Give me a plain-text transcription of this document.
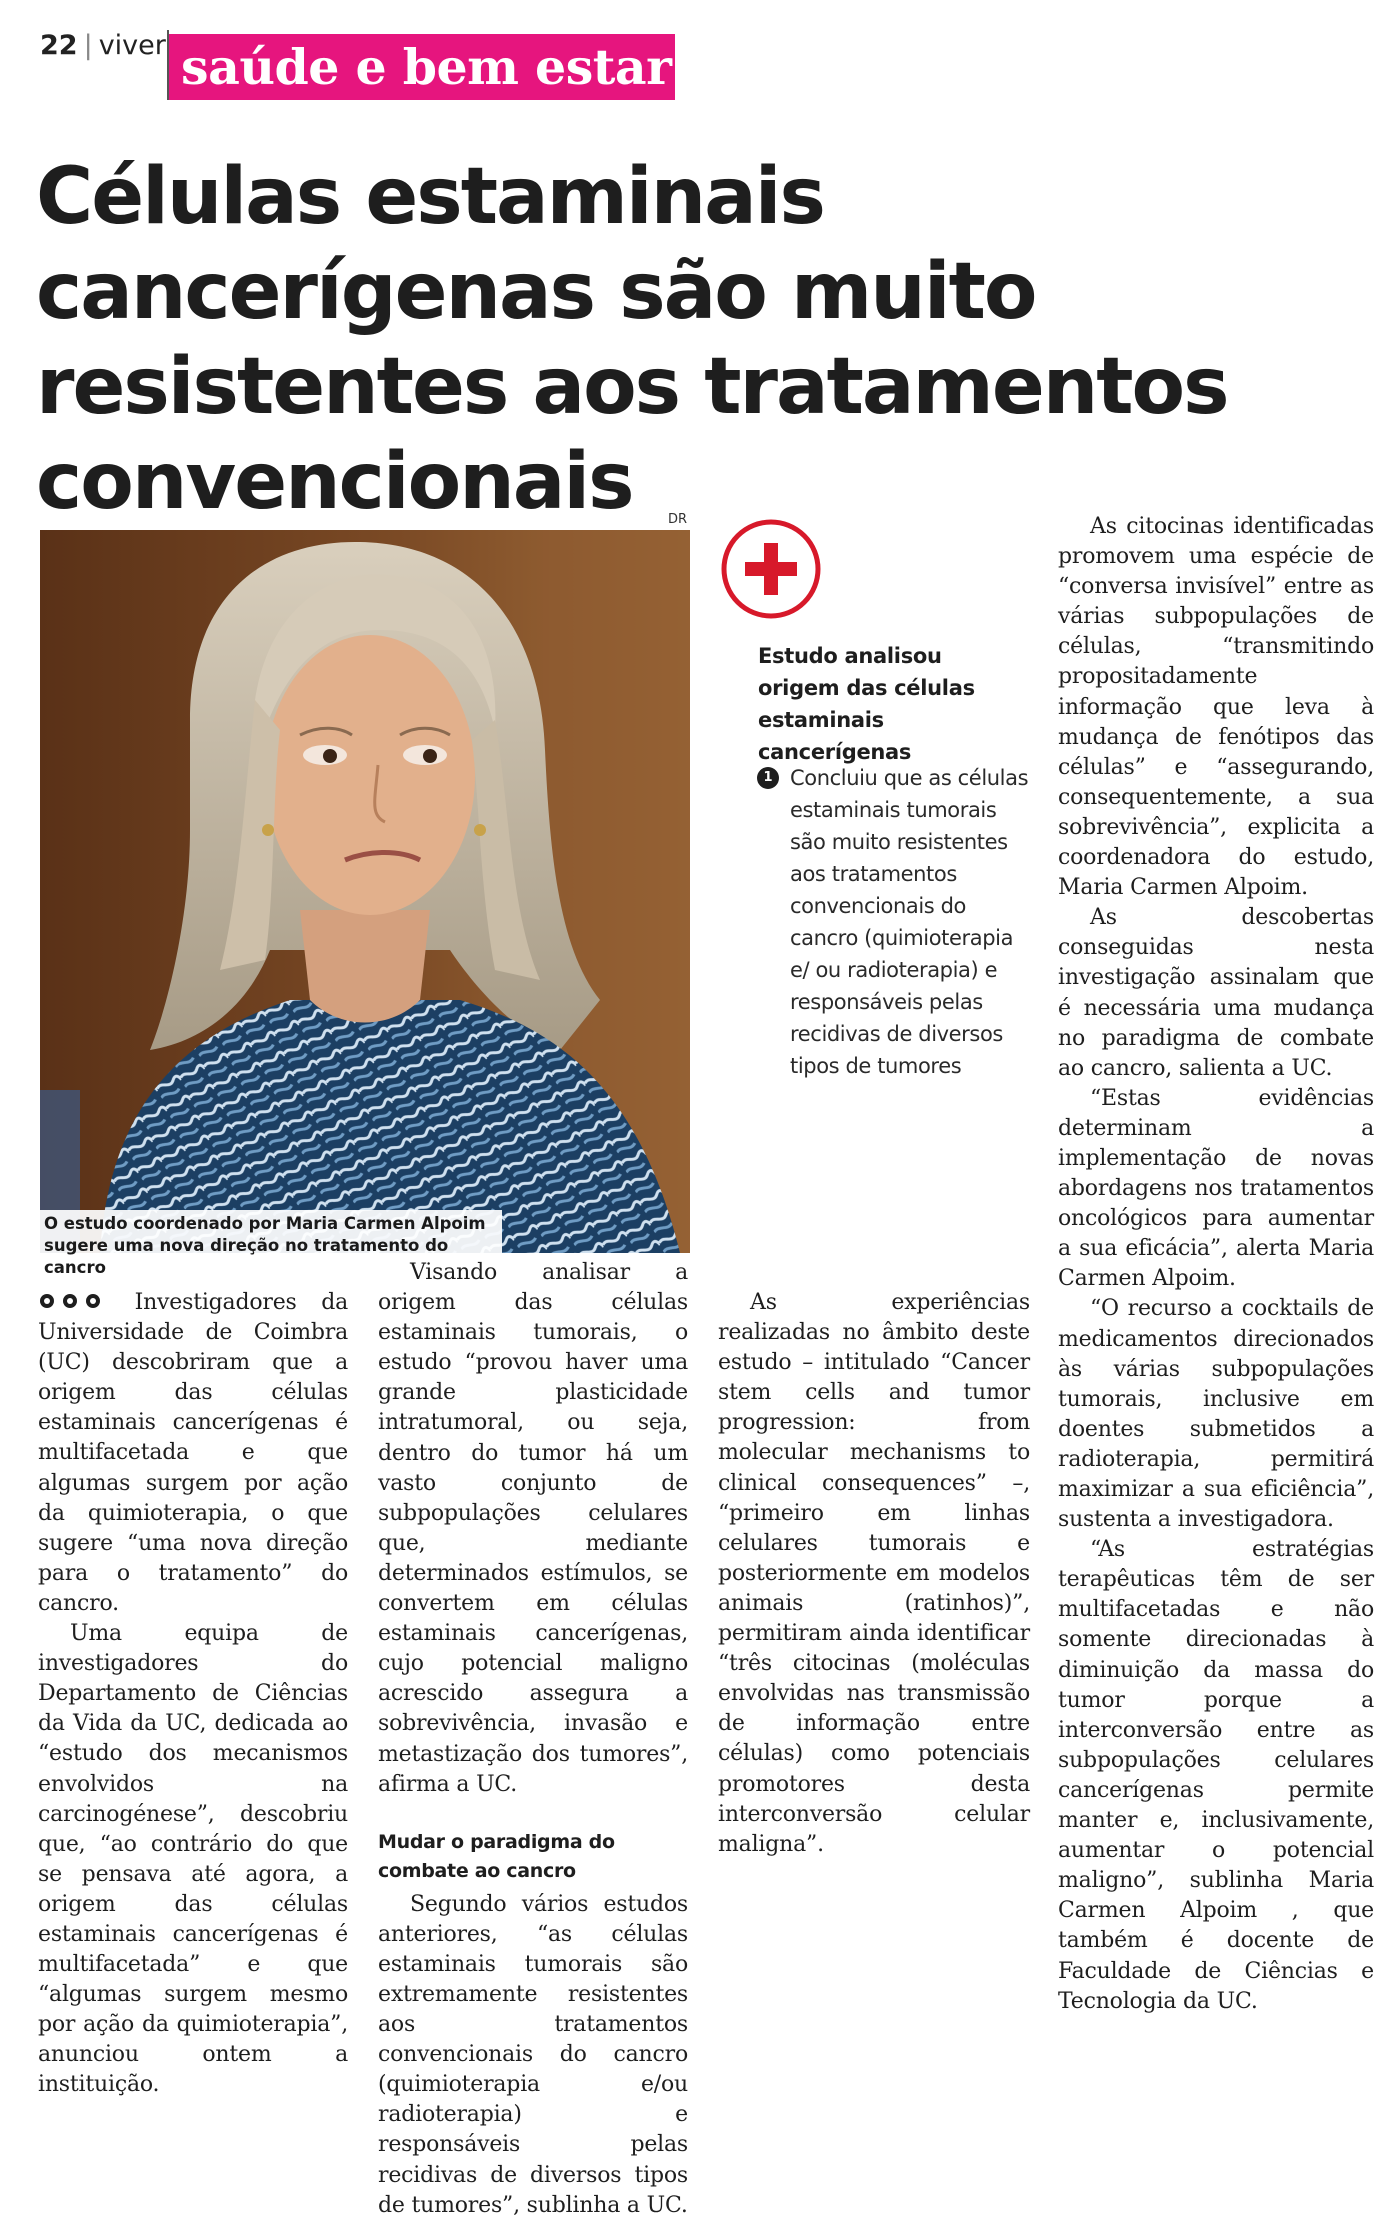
22 | viver saúde e bem estar
Células estaminais cancerígenas são muito resistentes aos tratamentos convencionais	DR
O estudo coordenado por Maria Carmen Alpoim sugere uma nova direção no tratamento do cancro
Estudo analisou origem das células estaminais cancerígenas
1 Concluiu que as células estaminais tumorais são muito resistentes aos tratamentos convencionais do cancro (quimioterapia e/ ou radioterapia) e responsáveis pelas recidivas de diversos tipos de tumores

Investigadores da Universidade de Coimbra (UC) descobriram que a origem das células estaminais cancerígenas é multifacetada e que algumas surgem por ação da quimioterapia, o que sugere “uma nova direção para o tratamento” do cancro.

Uma equipa de investigadores do Departamento de Ciências da Vida da UC, dedicada ao “estudo dos mecanismos envolvidos na carcinogénese”, descobriu que, “ao contrário do que se pensava até agora, a origem das células estaminais cancerígenas é multifacetada” e que “algumas surgem mesmo por ação da quimioterapia”, anunciou ontem a instituição.

Visando analisar a origem das células estaminais tumorais, o estudo “provou haver uma grande plasticidade intratumoral, ou seja, dentro do tumor há um vasto conjunto de subpopulações celulares que, mediante determinados estímulos, se convertem em células estaminais cancerígenas, cujo potencial maligno acrescido assegura a sobrevivência, invasão e metastização dos tumores”, afirma a UC.

Mudar o paradigma do combate ao cancro

Segundo vários estudos anteriores, “as células estaminais tumorais são extremamente resistentes aos tratamentos convencionais do cancro (quimioterapia e/ou radioterapia) e responsáveis pelas recidivas de diversos tipos de tumores”, sublinha a UC.

As experiências realizadas no âmbito deste estudo – intitulado “Cancer stem cells and tumor progression: from molecular mechanisms to clinical consequences” –, “primeiro em linhas celulares tumorais e posteriormente em modelos animais (ratinhos)”, permitiram ainda identificar “três citocinas (moléculas envolvidas nas transmissão de informação entre células) como potenciais promotores desta interconversão celular maligna”.

As citocinas identificadas promovem uma espécie de “conversa invisível” entre as várias subpopulações de células, “transmitindo propositadamente informação que leva à mudança de fenótipos das células” e “assegurando, consequentemente, a sua sobrevivência”, explicita a coordenadora do estudo, Maria Carmen Alpoim.

As descobertas conseguidas nesta investigação assinalam que é necessária uma mudança no paradigma de combate ao cancro, salienta a UC.

“Estas evidências determinam a implementação de novas abordagens nos tratamentos oncológicos para aumentar a sua eficácia”, alerta Maria Carmen Alpoim.

“O recurso a cocktails de medicamentos direcionados às várias subpopulações tumorais, inclusive em doentes submetidos a radioterapia, permitirá maximizar a sua eficiência”, sustenta a investigadora.

“As estratégias terapêuticas têm de ser multifacetadas e não somente direcionadas à diminuição da massa do tumor porque a interconversão entre as subpopulações celulares cancerígenas permite manter e, inclusivamente, aumentar o potencial maligno”, sublinha Maria Carmen Alpoim , que também é docente de Faculdade de Ciências e Tecnologia da UC.
